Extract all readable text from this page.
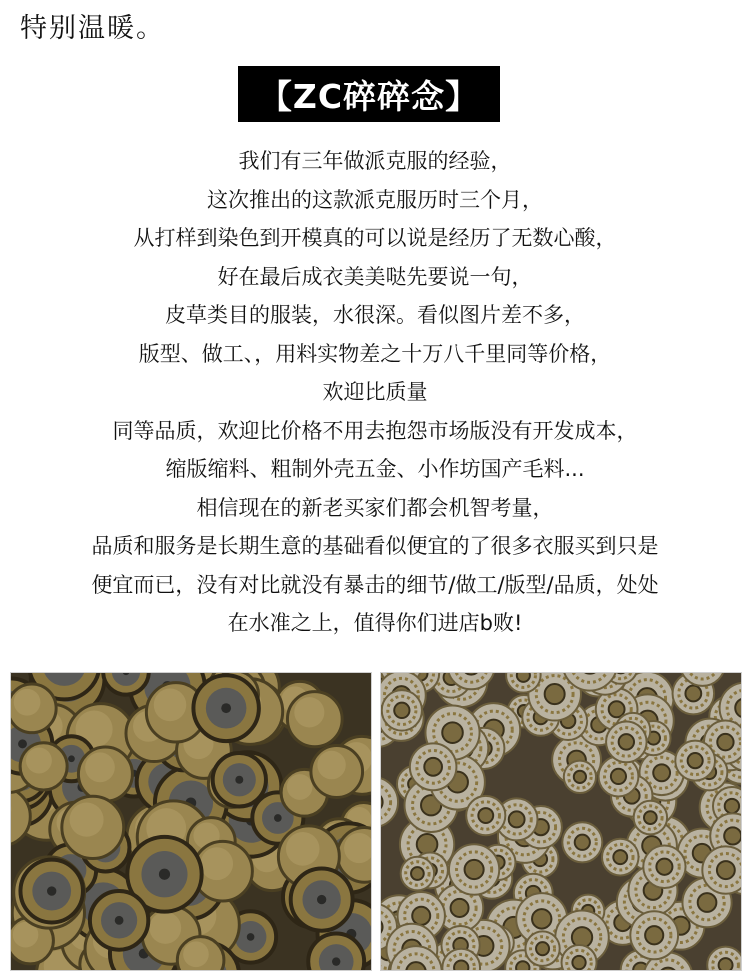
特别温暖。
【ZC碎碎念】
我们有三年做派克服的经验，
这次推出的这款派克服历时三个月，
从打样到染色到开模真的可以说是经历了无数心酸，
好在最后成衣美美哒先要说一句，
皮草类目的服装，水很深。看似图片差不多，
版型、做工、，用料实物差之十万八千里同等价格，
欢迎比质量
同等品质，欢迎比价格不用去抱怨市场版没有开发成本，
缩版缩料、粗制外壳五金、小作坊国产毛料...
相信现在的新老买家们都会机智考量，
品质和服务是长期生意的基础看似便宜的了很多衣服买到只是
便宜而已，没有对比就没有暴击的细节/做工/版型/品质，处处
在水准之上，值得你们进店b败!
